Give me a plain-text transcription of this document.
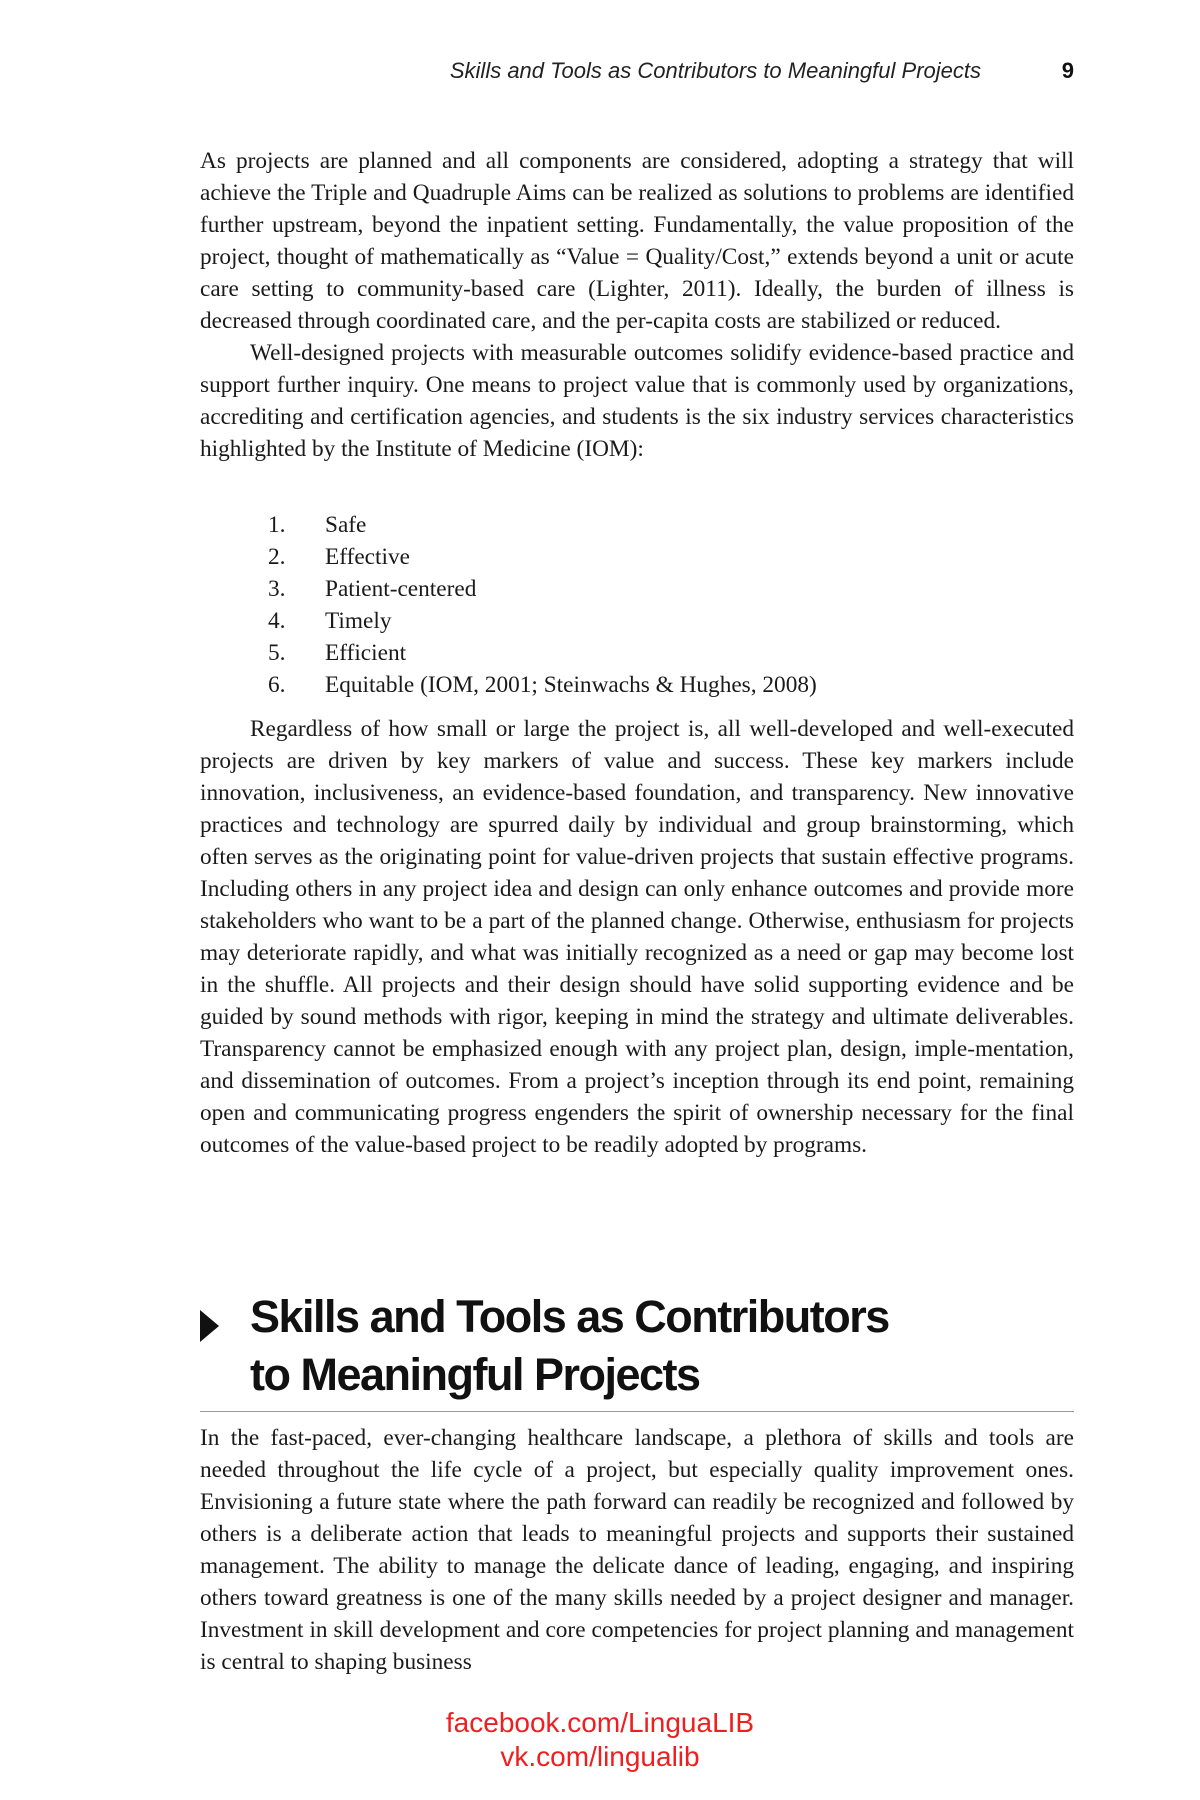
Skills and Tools as Contributors to Meaningful Projects	9

As projects are planned and all components are considered, adopting a strategy that will achieve the Triple and Quadruple Aims can be realized as solutions to problems are identified further upstream, beyond the inpatient setting. Fundamentally, the value proposition of the project, thought of mathematically as “Value = Quality/Cost,” extends beyond a unit or acute care setting to community-based care (Lighter, 2011). Ideally, the burden of illness is decreased through coordinated care, and the per-capita costs are stabilized or reduced.

Well-designed projects with measurable outcomes solidify evidence-based practice and support further inquiry. One means to project value that is commonly used by organizations, accrediting and certification agencies, and students is the six industry services characteristics highlighted by the Institute of Medicine (IOM):

1. Safe
2. Effective
3. Patient-centered
4. Timely
5. Efficient
6. Equitable (IOM, 2001; Steinwachs & Hughes, 2008)

Regardless of how small or large the project is, all well-developed and well-executed projects are driven by key markers of value and success. These key markers include innovation, inclusiveness, an evidence-based foundation, and transparency. New innovative practices and technology are spurred daily by individual and group brainstorming, which often serves as the originating point for value-driven projects that sustain effective programs. Including others in any project idea and design can only enhance outcomes and provide more stakeholders who want to be a part of the planned change. Otherwise, enthusiasm for projects may deteriorate rapidly, and what was initially recognized as a need or gap may become lost in the shuffle. All projects and their design should have solid supporting evidence and be guided by sound methods with rigor, keeping in mind the strategy and ultimate deliverables. Transparency cannot be emphasized enough with any project plan, design, imple-mentation, and dissemination of outcomes. From a project’s inception through its end point, remaining open and communicating progress engenders the spirit of ownership necessary for the final outcomes of the value-based project to be readily adopted by programs.

Skills and Tools as Contributors
to Meaningful Projects

In the fast-paced, ever-changing healthcare landscape, a plethora of skills and tools are needed throughout the life cycle of a project, but especially quality improvement ones. Envisioning a future state where the path forward can readily be recognized and followed by others is a deliberate action that leads to meaningful projects and supports their sustained management. The ability to manage the delicate dance of leading, engaging, and inspiring others toward greatness is one of the many skills needed by a project designer and manager. Investment in skill development and core competencies for project planning and management is central to shaping business

facebook.com/LinguaLIB
vk.com/lingualib
